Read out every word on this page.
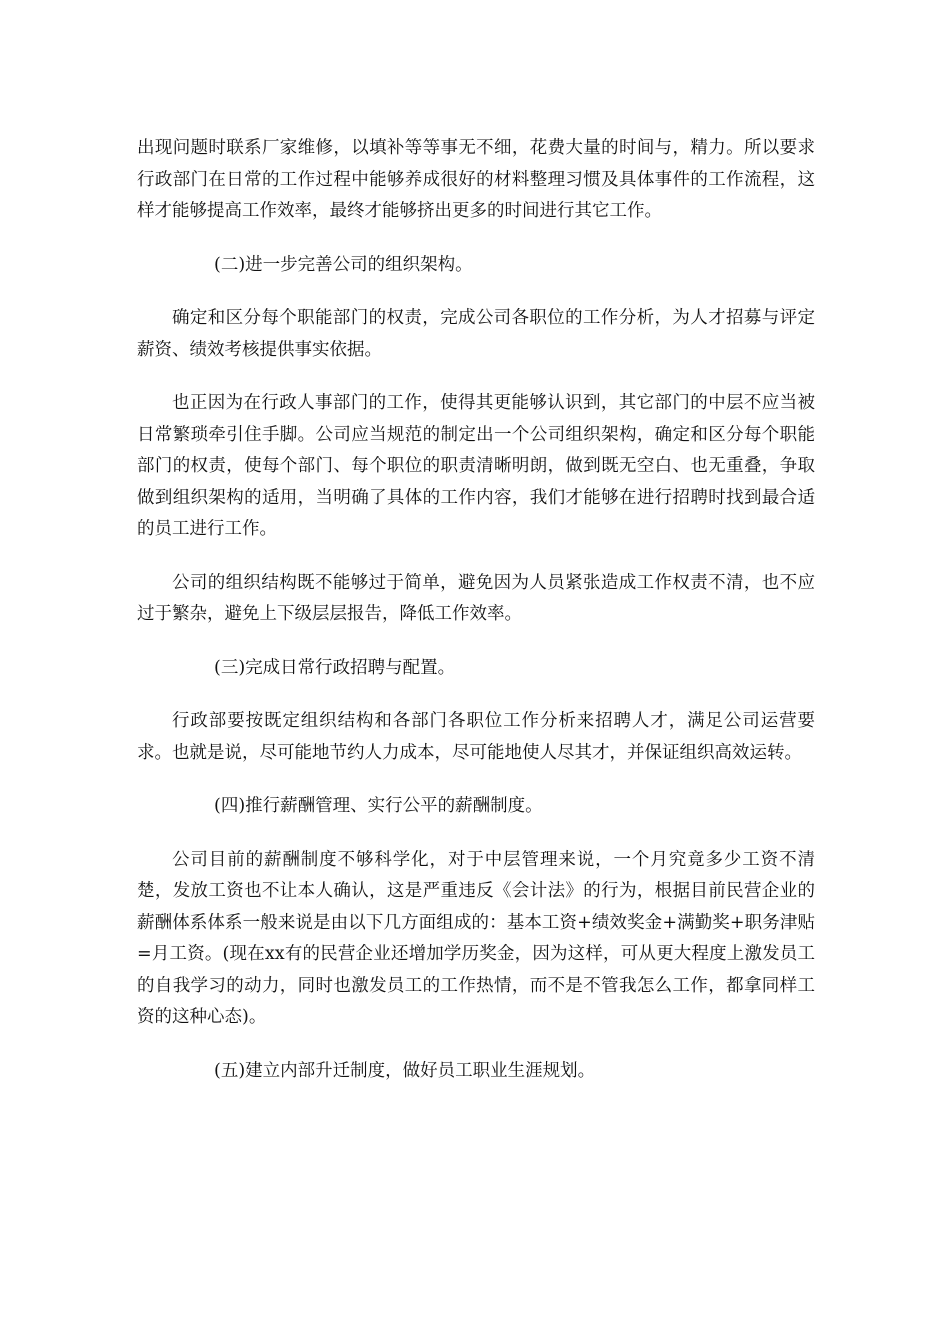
出现问题时联系厂家维修，以填补等等事无不细，花费大量的时间与，精力。所以要求行政部门在日常的工作过程中能够养成很好的材料整理习惯及具体事件的工作流程，这样才能够提高工作效率，最终才能够挤出更多的时间进行其它工作。

(二)进一步完善公司的组织架构。

确定和区分每个职能部门的权责，完成公司各职位的工作分析，为人才招募与评定薪资、绩效考核提供事实依据。

也正因为在行政人事部门的工作，使得其更能够认识到，其它部门的中层不应当被日常繁琐牵引住手脚。公司应当规范的制定出一个公司组织架构，确定和区分每个职能部门的权责，使每个部门、每个职位的职责清晰明朗，做到既无空白、也无重叠，争取做到组织架构的适用，当明确了具体的工作内容，我们才能够在进行招聘时找到最合适的员工进行工作。

公司的组织结构既不能够过于简单，避免因为人员紧张造成工作权责不清，也不应过于繁杂，避免上下级层层报告，降低工作效率。

(三)完成日常行政招聘与配置。

行政部要按既定组织结构和各部门各职位工作分析来招聘人才，满足公司运营要求。也就是说，尽可能地节约人力成本，尽可能地使人尽其才，并保证组织高效运转。

(四)推行薪酬管理、实行公平的薪酬制度。

公司目前的薪酬制度不够科学化，对于中层管理来说，一个月究竟多少工资不清楚，发放工资也不让本人确认，这是严重违反《会计法》的行为，根据目前民营企业的薪酬体系体系一般来说是由以下几方面组成的：基本工资+绩效奖金+满勤奖+职务津贴=月工资。(现在xx有的民营企业还增加学历奖金，因为这样，可从更大程度上激发员工的自我学习的动力，同时也激发员工的工作热情，而不是不管我怎么工作，都拿同样工资的这种心态)。

(五)建立内部升迁制度，做好员工职业生涯规划。
